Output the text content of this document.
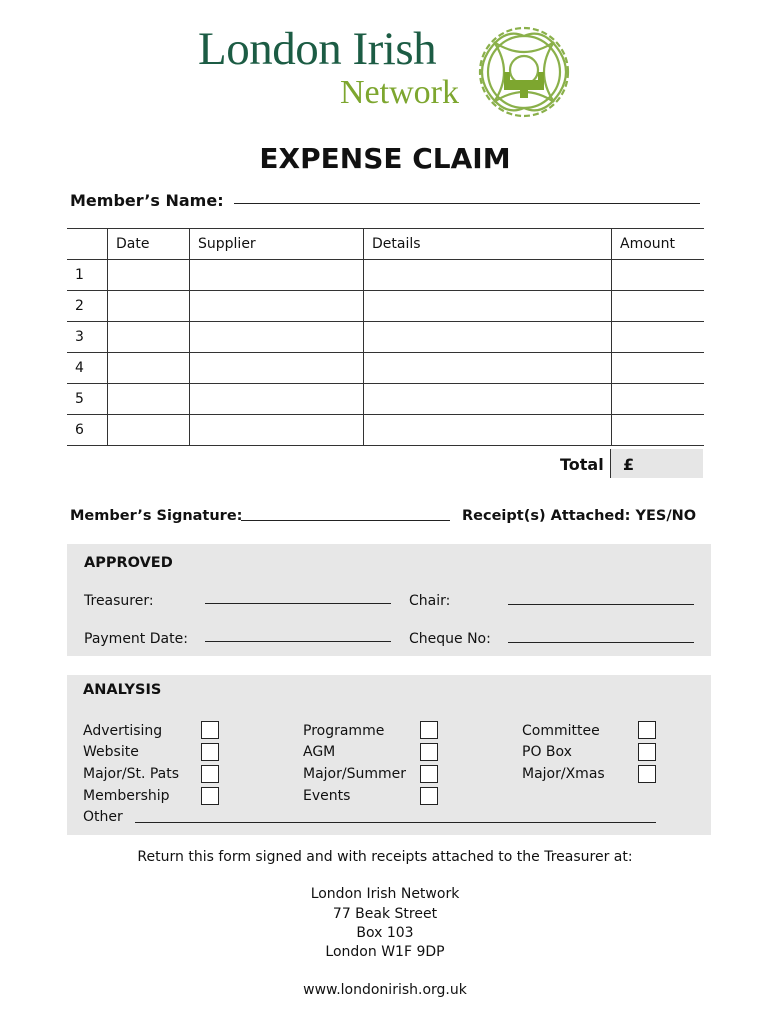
London Irish
Network
EXPENSE CLAIM
Member’s Name:
	Date	Supplier	Details	Amount
1				
2				
3				
4				
5				
6				
Total £
Member’s Signature:	Receipt(s) Attached: YES/NO
APPROVED
Treasurer:	Chair:
Payment Date:	Cheque No:
ANALYSIS
Advertising
Website
Major/St. Pats
Membership
Programme
AGM
Major/Summer
Events
Committee
PO Box
Major/Xmas
Other
Return this form signed and with receipts attached to the Treasurer at:
London Irish Network
77 Beak Street
Box 103
London W1F 9DP
www.londonirish.org.uk
